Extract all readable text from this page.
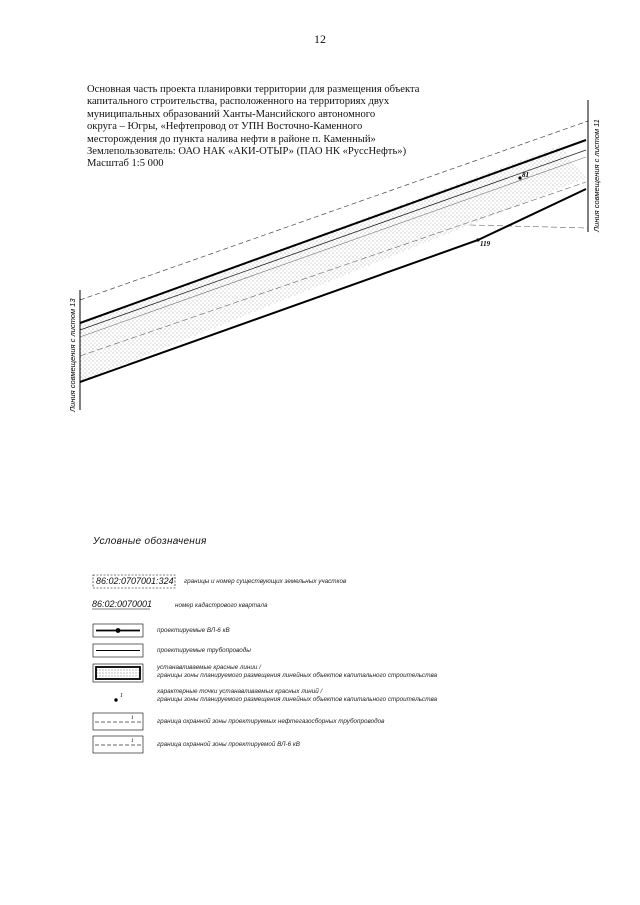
12
Основная часть проекта планировки территории для размещения объекта
капитального строительства, расположенного на территориях двух
муниципальных образований Ханты-Мансийского автономного
округа – Югры, «Нефтепровод от УПН Восточно-Каменного
месторождения до пункта налива нефти в районе п. Каменный»
Землепользователь: ОАО НАК «АКИ-ОТЫР» (ПАО НК «РуссНефть»)
Масштаб 1:5 000
81
119
Линия совмещения с листом 13
Линия совмещения с листом 11
1
1
1
Условные обозначения
86:02:0707001:324 границы и номер существующих земельных участков
86:02:0070001	номер кадастрового квартала
проектируемые ВЛ-6 кВ
проектируемые трубопроводы
устанавливаемые красные линии /
границы зоны планируемого размещения линейных объектов капитального строительства
характерные точки устанавливаемых красных линий /
границы зоны планируемого размещения линейных объектов капитального строительства
граница охранной зоны проектируемых нефтегазосборных трубопроводов
граница охранной зоны проектируемой ВЛ-6 кВ
